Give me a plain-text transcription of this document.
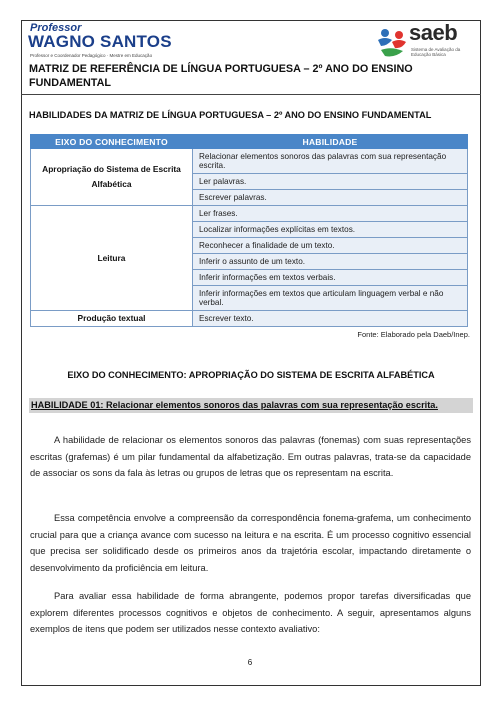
Professor
WAGNO SANTOS
Professor e Coordenador Pedagógico · Mestre em Educação
saeb
Sistema de Avaliação da Educação Básica
MATRIZ DE REFERÊNCIA DE LÍNGUA PORTUGUESA – 2º ANO DO ENSINO FUNDAMENTAL
HABILIDADES DA MATRIZ DE LÍNGUA PORTUGUESA – 2º ANO DO ENSINO FUNDAMENTAL
EIXO DO CONHECIMENTO	HABILIDADE
Apropriação do Sistema de Escrita Alfabética	Relacionar elementos sonoros das palavras com sua representação escrita.
	Ler palavras.
	Escrever palavras.
Leitura	Ler frases.
	Localizar informações explícitas em textos.
	Reconhecer a finalidade de um texto.
	Inferir o assunto de um texto.
	Inferir informações em textos verbais.
	Inferir informações em textos que articulam linguagem verbal e não verbal.
Produção textual	Escrever texto.
Fonte: Elaborado pela Daeb/Inep.
EIXO DO CONHECIMENTO: APROPRIAÇÃO DO SISTEMA DE ESCRITA ALFABÉTICA
HABILIDADE 01: Relacionar elementos sonoros das palavras com sua representação escrita.

A habilidade de relacionar os elementos sonoros das palavras (fonemas) com suas representações escritas (grafemas) é um pilar fundamental da alfabetização. Em outras palavras, trata-se da capacidade de associar os sons da fala às letras ou grupos de letras que os representam na escrita.

Essa competência envolve a compreensão da correspondência fonema-grafema, um conhecimento crucial para que a criança avance com sucesso na leitura e na escrita. É um processo cognitivo essencial que precisa ser solidificado desde os primeiros anos da trajetória escolar, impactando diretamente o desenvolvimento da proficiência em leitura.

Para avaliar essa habilidade de forma abrangente, podemos propor tarefas diversificadas que explorem diferentes processos cognitivos e objetos de conhecimento. A seguir, apresentamos alguns exemplos de itens que podem ser utilizados nesse contexto avaliativo:

6
